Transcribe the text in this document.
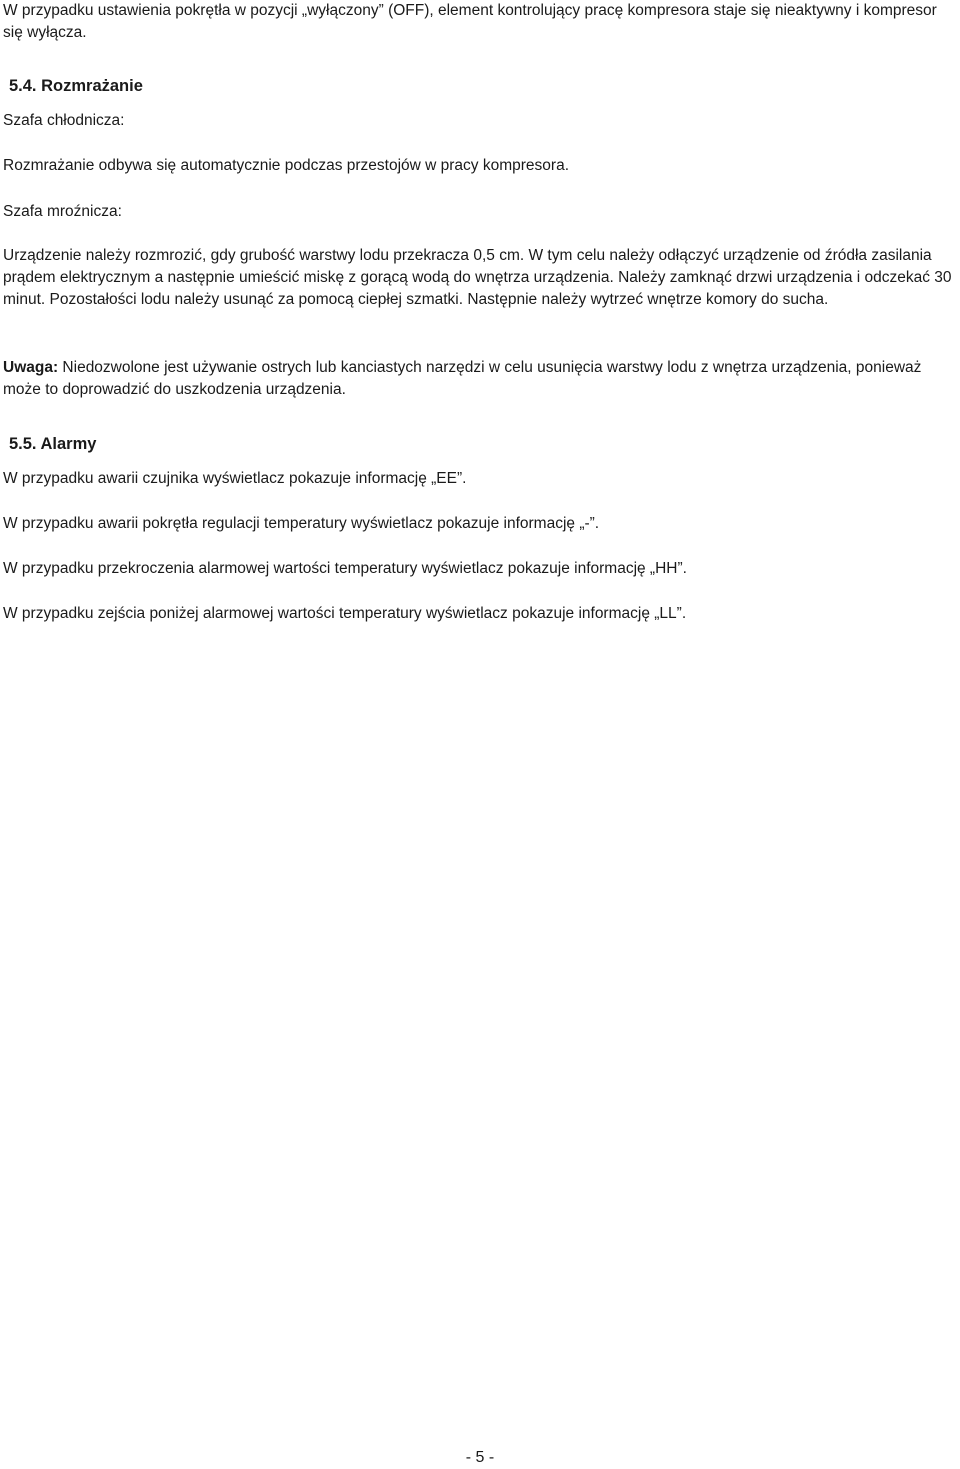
W przypadku ustawienia pokrętła w pozycji „wyłączony” (OFF), element kontrolujący pracę kompresora staje się nieaktywny i kompresor się wyłącza.

5.4. Rozmrażanie

Szafa chłodnicza:

Rozmrażanie odbywa się automatycznie podczas przestojów w pracy kompresora.

Szafa mroźnicza:

Urządzenie należy rozmrozić, gdy grubość warstwy lodu przekracza 0,5 cm. W tym celu należy odłączyć urządzenie od źródła zasilania prądem elektrycznym a następnie umieścić miskę z gorącą wodą do wnętrza urządzenia. Należy zamknąć drzwi urządzenia i odczekać 30 minut. Pozostałości lodu należy usunąć za pomocą ciepłej szmatki. Następnie należy wytrzeć wnętrze komory do sucha.

Uwaga: Niedozwolone jest używanie ostrych lub kanciastych narzędzi w celu usunięcia warstwy lodu z wnętrza urządzenia, ponieważ może to doprowadzić do uszkodzenia urządzenia.

5.5. Alarmy

W przypadku awarii czujnika wyświetlacz pokazuje informację „EE”.

W przypadku awarii pokrętła regulacji temperatury wyświetlacz pokazuje informację „-”.

W przypadku przekroczenia alarmowej wartości temperatury wyświetlacz pokazuje informację „HH”.

W przypadku zejścia poniżej alarmowej wartości temperatury wyświetlacz pokazuje informację „LL”.

- 5 -
